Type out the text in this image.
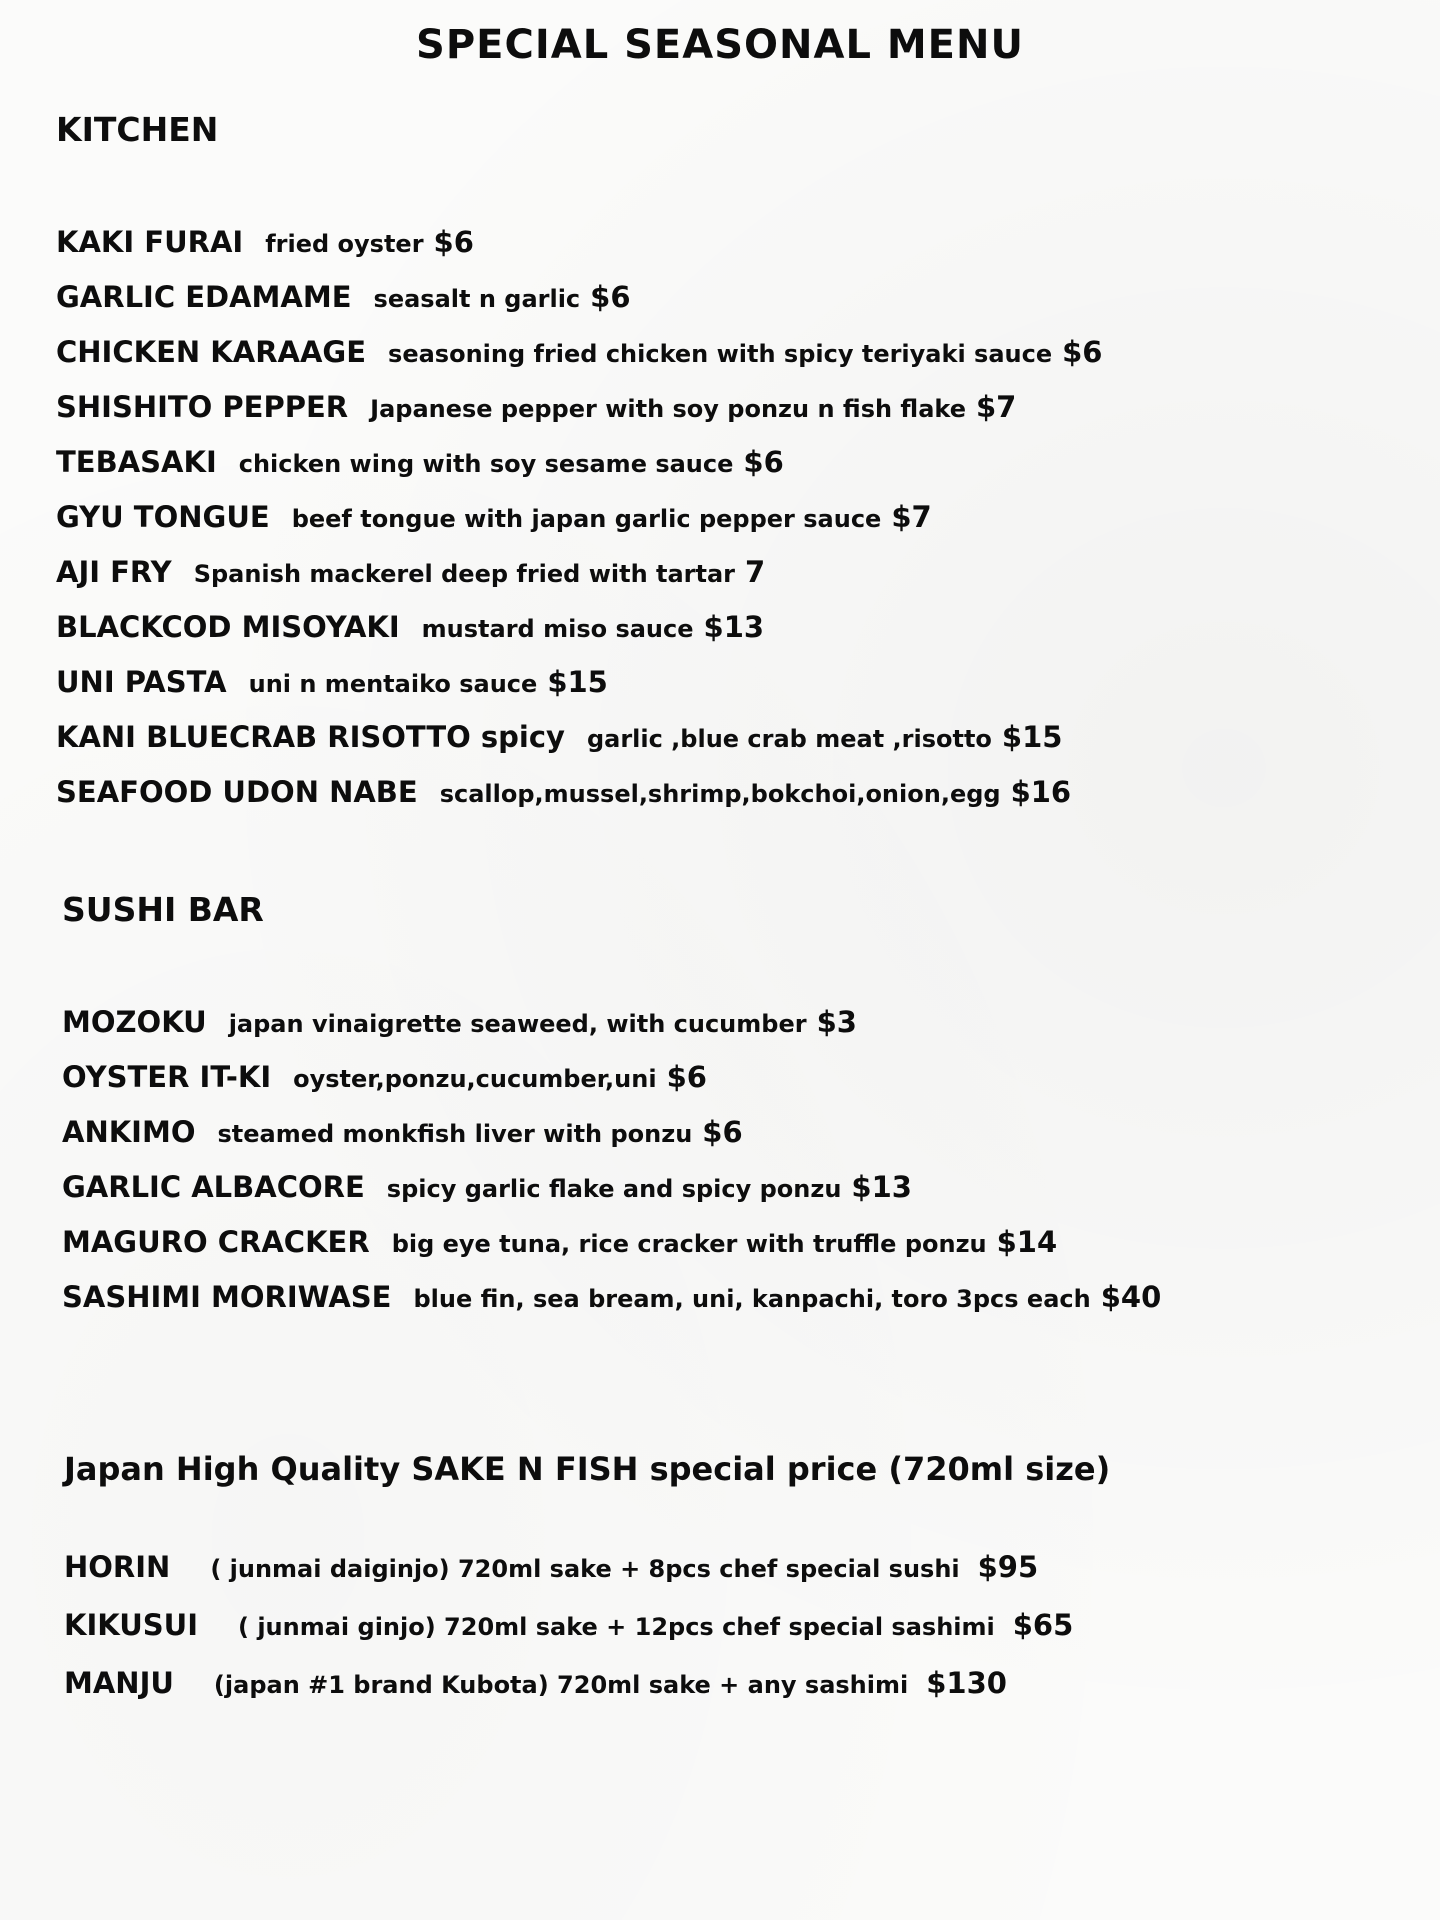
SPECIAL SEASONAL MENU
KITCHEN
KAKI FURAI fried oyster $6
GARLIC EDAMAME seasalt n garlic $6
CHICKEN KARAAGE seasoning fried chicken with spicy teriyaki sauce $6
SHISHITO PEPPER Japanese pepper with soy ponzu n fish flake $7
TEBASAKI chicken wing with soy sesame sauce $6
GYU TONGUE beef tongue with japan garlic pepper sauce $7
AJI FRY Spanish mackerel deep fried with tartar 7
BLACKCOD MISOYAKI mustard miso sauce $13
UNI PASTA uni n mentaiko sauce $15
KANI BLUECRAB RISOTTO spicy garlic ,blue crab meat ,risotto $15
SEAFOOD UDON NABE scallop,mussel,shrimp,bokchoi,onion,egg $16
SUSHI BAR
MOZOKU japan vinaigrette seaweed, with cucumber $3
OYSTER IT-KI oyster,ponzu,cucumber,uni $6
ANKIMO steamed monkfish liver with ponzu $6
GARLIC ALBACORE spicy garlic flake and spicy ponzu $13
MAGURO CRACKER big eye tuna, rice cracker with truffle ponzu $14
SASHIMI MORIWASE blue fin, sea bream, uni, kanpachi, toro 3pcs each $40
Japan High Quality SAKE N FISH special price (720ml size)
HORIN ( junmai daiginjo) 720ml sake + 8pcs chef special sushi $95
KIKUSUI ( junmai ginjo) 720ml sake + 12pcs chef special sashimi $65
MANJU (japan #1 brand Kubota) 720ml sake + any sashimi $130
